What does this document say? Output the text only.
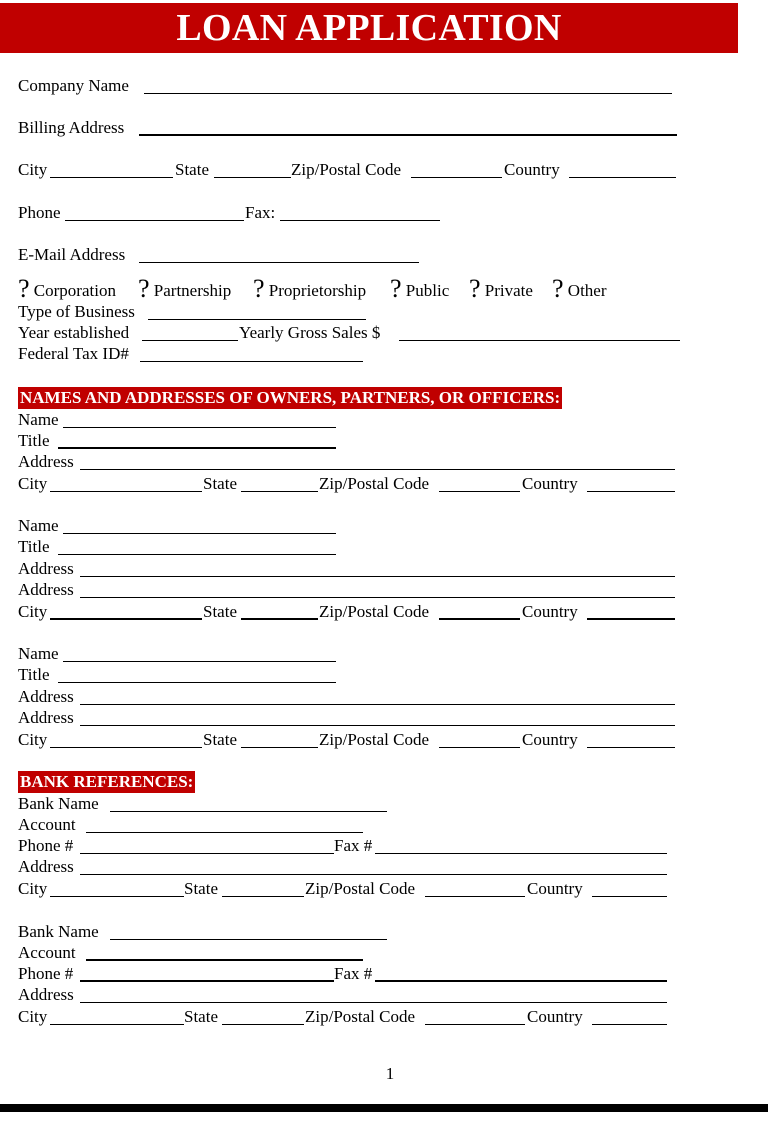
LOAN APPLICATION
Company Name
Billing Address
City	State	Zip/Postal Code	Country
Phone	Fax:
E-Mail Address
? Corporation ? Partnership ? Proprietorship ? Public ? Private ? Other
Type of Business
Year established	Yearly Gross Sales $
Federal Tax ID#
NAMES AND ADDRESSES OF OWNERS, PARTNERS, OR OFFICERS:
Name
Title
Address
City	State	Zip/Postal Code	Country
Name
Title
Address
Address
City	State	Zip/Postal Code	Country
Name
Title
Address
Address
City	State	Zip/Postal Code	Country
BANK REFERENCES:
Bank Name
Account
Phone #	Fax #
Address
City	State	Zip/Postal Code	Country
Bank Name
Account
Phone #	Fax #
Address
City	State	Zip/Postal Code	Country
1
